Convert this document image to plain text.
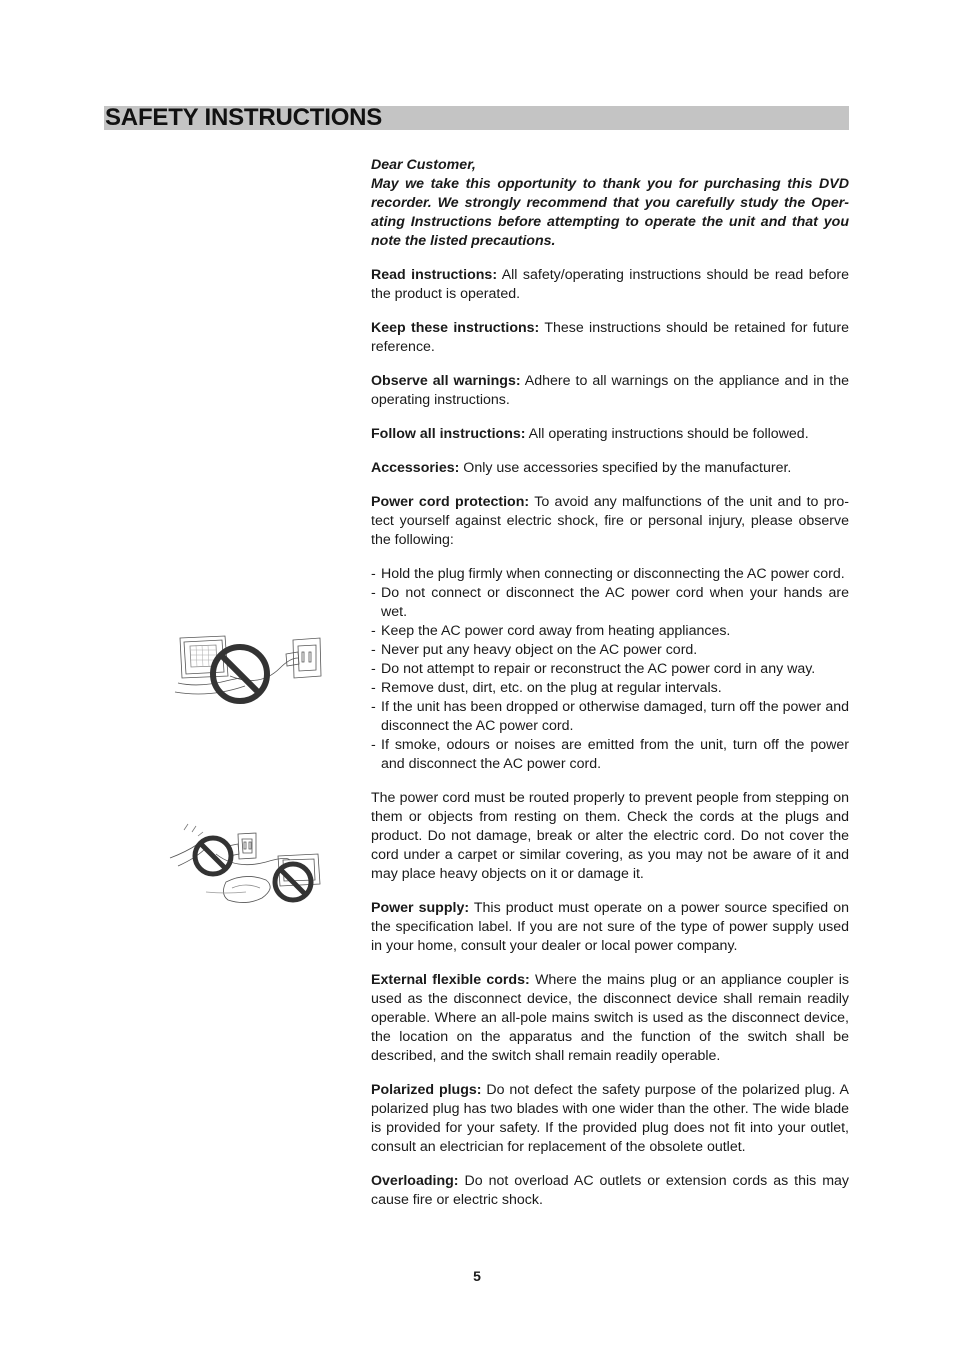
SAFETY INSTRUCTIONS

Dear Customer,
May we take this opportunity to thank you for purchasing this DVD recorder. We strongly recommend that you carefully study the Oper-ating Instructions before attempting to operate the unit and that you note the listed precautions.

Read instructions: All safety/operating instructions should be read before the product is operated.

Keep these instructions: These instructions should be retained for future reference.

Observe all warnings: Adhere to all warnings on the appliance and in the operating instructions.

Follow all instructions: All operating instructions should be followed.

Accessories: Only use accessories specified by the manufacturer.

Power cord protection: To avoid any malfunctions of the unit and to pro-tect yourself against electric shock, fire or personal injury, please observe the following:

- Hold the plug firmly when connecting or disconnecting the AC power cord.
- Do not connect or disconnect the AC power cord when your hands are wet.
- Keep the AC power cord away from heating appliances.
- Never put any heavy object on the AC power cord.
- Do not attempt to repair or reconstruct the AC power cord in any way.
- Remove dust, dirt, etc. on the plug at regular intervals.
- If the unit has been dropped or otherwise damaged, turn off the power and disconnect the AC power cord.
- If smoke, odours or noises are emitted from the unit, turn off the power and disconnect the AC power cord.

The power cord must be routed properly to prevent people from stepping on them or objects from resting on them. Check the cords at the plugs and product. Do not damage, break or alter the electric cord. Do not cover the cord under a carpet or similar covering, as you may not be aware of it and may place heavy objects on it or damage it.

Power supply: This product must operate on a power source specified on the specification label. If you are not sure of the type of power supply used in your home, consult your dealer or local power company.

External flexible cords: Where the mains plug or an appliance coupler is used as the disconnect device, the disconnect device shall remain readily operable. Where an all-pole mains switch is used as the disconnect device, the location on the apparatus and the function of the switch shall be described, and the switch shall remain readily operable.

Polarized plugs: Do not defect the safety purpose of the polarized plug. A polarized plug has two blades with one wider than the other. The wide blade is provided for your safety. If the provided plug does not fit into your outlet, consult an electrician for replacement of the obsolete outlet.

Overloading: Do not overload AC outlets or extension cords as this may cause fire or electric shock.

5
